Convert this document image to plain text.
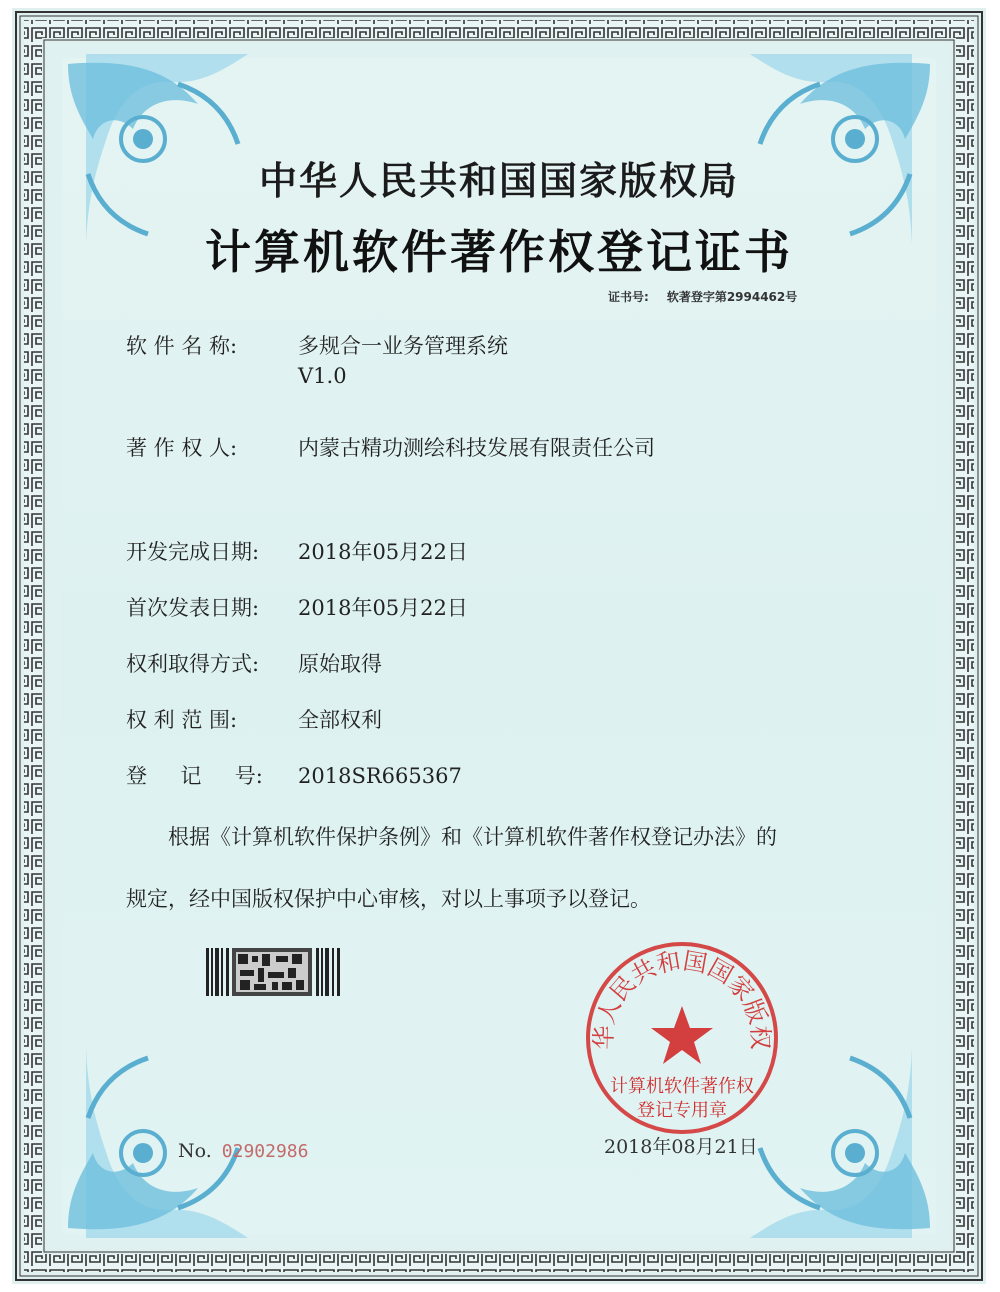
中华人民共和国国家版权局
计算机软件著作权登记证书
证书号: 软著登字第2994462号
软 件 名 称:	多规合一业务管理系统
V1.0
著 作 权 人:	内蒙古精功测绘科技发展有限责任公司
开发完成日期: 2018年05月22日
首次发表日期: 2018年05月22日
权利取得方式: 原始取得
权 利 范 围:	全部权利
登     记     号: 2018SR665367

根据《计算机软件保护条例》和《计算机软件著作权登记办法》的

规定，经中国版权保护中心审核，对以上事项予以登记。

No. 02902986	2018年08月21日
华人民共和国国家版权
计算机软件著作权
登记专用章
